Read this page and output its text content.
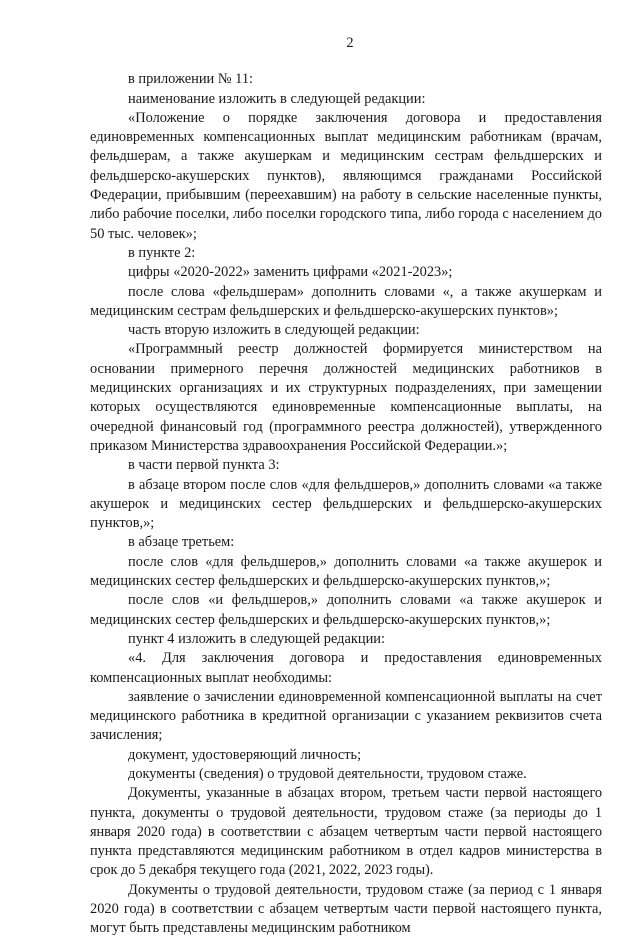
2

в приложении № 11:

наименование изложить в следующей редакции:

«Положение о порядке заключения договора и предоставления единовременных компенсационных выплат медицинским работникам (врачам, фельдшерам, а также акушеркам и медицинским сестрам фельдшерских и фельдшерско-акушерских пунктов), являющимся гражданами Российской Федерации, прибывшим (переехавшим) на работу в сельские населенные пункты, либо рабочие поселки, либо поселки городского типа, либо города с населением до 50 тыс. человек»;

в пункте 2:

цифры «2020-2022» заменить цифрами «2021-2023»;

после слова «фельдшерам» дополнить словами «, а также акушеркам и медицинским сестрам фельдшерских и фельдшерско-акушерских пунктов»;

часть вторую изложить в следующей редакции:

«Программный реестр должностей формируется министерством на основании примерного перечня должностей медицинских работников в медицинских организациях и их структурных подразделениях, при замещении которых осуществляются единовременные компенсационные выплаты, на очередной финансовый год (программного реестра должностей), утвержденного приказом Министерства здравоохранения Российской Федерации.»;

в части первой пункта 3:

в абзаце втором после слов «для фельдшеров,» дополнить словами «а также акушерок и медицинских сестер фельдшерских и фельдшерско-акушерских пунктов,»;

в абзаце третьем:

после слов «для фельдшеров,» дополнить словами «а также акушерок и медицинских сестер фельдшерских и фельдшерско-акушерских пунктов,»;

после слов «и фельдшеров,» дополнить словами «а также акушерок и медицинских сестер фельдшерских и фельдшерско-акушерских пунктов,»;

пункт 4 изложить в следующей редакции:

«4. Для заключения договора и предоставления единовременных компенсационных выплат необходимы:

заявление о зачислении единовременной компенсационной выплаты на счет медицинского работника в кредитной организации с указанием реквизитов счета зачисления;

документ, удостоверяющий личность;

документы (сведения) о трудовой деятельности, трудовом стаже.

Документы, указанные в абзацах втором, третьем части первой настоящего пункта, документы о трудовой деятельности, трудовом стаже (за периоды до 1 января 2020 года) в соответствии с абзацем четвертым части первой настоящего пункта представляются медицинским работником в отдел кадров министерства в срок до 5 декабря текущего года (2021, 2022, 2023 годы).

Документы о трудовой деятельности, трудовом стаже (за период с 1 января 2020 года) в соответствии с абзацем четвертым части первой настоящего пункта, могут быть представлены медицинским работником
